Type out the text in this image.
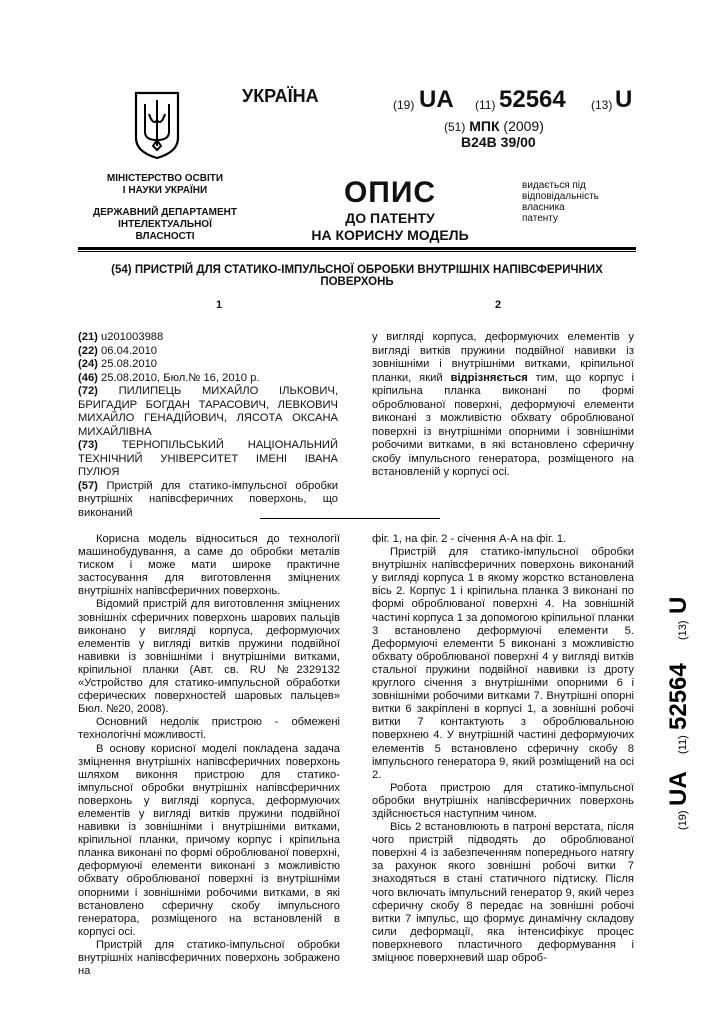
УКРАЇНА	(19) UA (11) 52564 (13) U
(51) МПК (2009)
B24B 39/00
МІНІСТЕРСТВО ОСВІТИ
І НАУКИ УКРАЇНИ
ДЕРЖАВНИЙ ДЕПАРТАМЕНТ
ІНТЕЛЕКТУАЛЬНОЇ
ВЛАСНОСТІ
ОПИС
ДО ПАТЕНТУ
НА КОРИСНУ МОДЕЛЬ
видається під
відповідальність
власника
патенту
(54) ПРИСТРІЙ ДЛЯ СТАТИКО-ІМПУЛЬСНОЇ ОБРОБКИ ВНУТРІШНІХ НАПІВСФЕРИЧНИХ ПОВЕРХОНЬ
1	2

(21) u201003988

(22) 06.04.2010

(24) 25.08.2010

(46) 25.08.2010, Бюл.№ 16, 2010 р.

(72) ПИЛИПЕЦЬ МИХАЙЛО ІЛЬКОВИЧ, БРИГАДИР БОГДАН ТАРАСОВИЧ, ЛЕВКОВИЧ МИХАЙЛО ГЕНАДІЙОВИЧ, ЛЯСОТА ОКСАНА МИХАЙЛІВНА

(73) ТЕРНОПІЛЬСЬКИЙ НАЦІОНАЛЬНИЙ ТЕХНІЧНИЙ УНІВЕРСИТЕТ ІМЕНІ ІВАНА ПУЛЮЯ

(57) Пристрій для статико-імпульсної обробки внутрішніх напівсферичних поверхонь, що виконаний

у вигляді корпуса, деформуючих елементів у вигляді витків пружини подвійної навивки із зовнішніми і внутрішніми витками, кріпильної планки, який відрізняється тим, що корпус і кріпильна планка виконані по формі оброблюваної поверхні, деформуючі елементи виконані з можливістю обхвату оброблюваної поверхні із внутрішніми опорними і зовнішніми робочими витками, в які встановлено сферичну скобу імпульсного генератора, розміщеного на встановленій у корпусі осі.

Корисна модель відноситься до технології машинобудування, а саме до обробки металів тиском і може мати широке практичне застосування для виготовлення зміцнених внутрішніх напівсферичних поверхонь.

Відомий пристрій для виготовлення зміцнених зовнішніх сферичних поверхонь шарових пальців виконано у вигляді корпуса, деформуючих елементів у вигляді витків пружини подвійної навивки із зовнішніми і внутрішніми витками, кріпильної планки (Авт. св. RU №2329132 «Устройство для статико-импульсной обработки сферических поверхностей шаровых пальцев» Бюл. №20, 2008).

Основний недолік пристрою - обмежені технологічні можливості.

В основу корисної моделі покладена задача зміцнення внутрішніх напівсферичних поверхонь шляхом виконня пристрою для статико-імпульсної обробки внутрішніх напівсферичних поверхонь у вигляді корпуса, деформуючих елементів у вигляді витків пружини подвійної навивки із зовнішніми і внутрішніми витками, кріпильної планки, причому корпус і кріпильна планка виконані по формі оброблюваної поверхні, деформуючі елементи виконані з можливістю обхвату оброблюваної поверхні із внутрішніми опорними і зовнішніми робочими витками, в які встановлено сферичну скобу імпульсного генератора, розміщеного на встановленій в корпусі осі.

Пристрій для статико-імпульсної обробки внутрішніх напівсферичних поверхонь зображено на

фіг. 1, на фіг. 2 - січення А-А на фіг. 1.

Пристрій для статико-імпульсної обробки внутрішніх напівсферичних поверхонь виконаний у вигляді корпуса 1 в якому жорстко встановлена вісь 2. Корпус 1 і кріпильна планка 3 виконані по формі оброблюваної поверхні 4. На зовнішній частині корпуса 1 за допомогою кріпильної планки 3 встановлено деформуючі елементи 5. Деформуючі елементи 5 виконані з можливістю обхвату оброблюваної поверхні 4 у вигляді витків стальної пружини подвійної навивки із дроту круглого січення з внутрішніми опорними 6 і зовнішніми робочими витками 7. Внутрішні опорні витки 6 закріплені в корпусі 1, а зовнішні робочі витки 7 контактують з оброблювальною поверхнею 4. У внутрішній частині деформуючих елементів 5 встановлено сферичну скобу 8 імпульсного генератора 9, який розміщений на осі 2.

Робота пристрою для статико-імпульсної обробки внутрішніх напівсферичних поверхонь здійснюється наступним чином.

Вісь 2 встановлюють в патроні верстата, після чого пристрій підводять до оброблюваної поверхні 4 із забезпеченням попереднього натягу за рахунок якого зовнішні робочі витки 7 знаходяться в стані статичного підтиску. Після чого включать імпульсний генератор 9, який через сферичну скобу 8 передає на зовнішні робочі витки 7 імпульс, що формує динамічну складову сили деформації, яка інтенсифікує процес поверхневого пластичного деформування і зміцнює поверхневий шар оброб-

(19)
UA
(11)
52564
(13)
U
